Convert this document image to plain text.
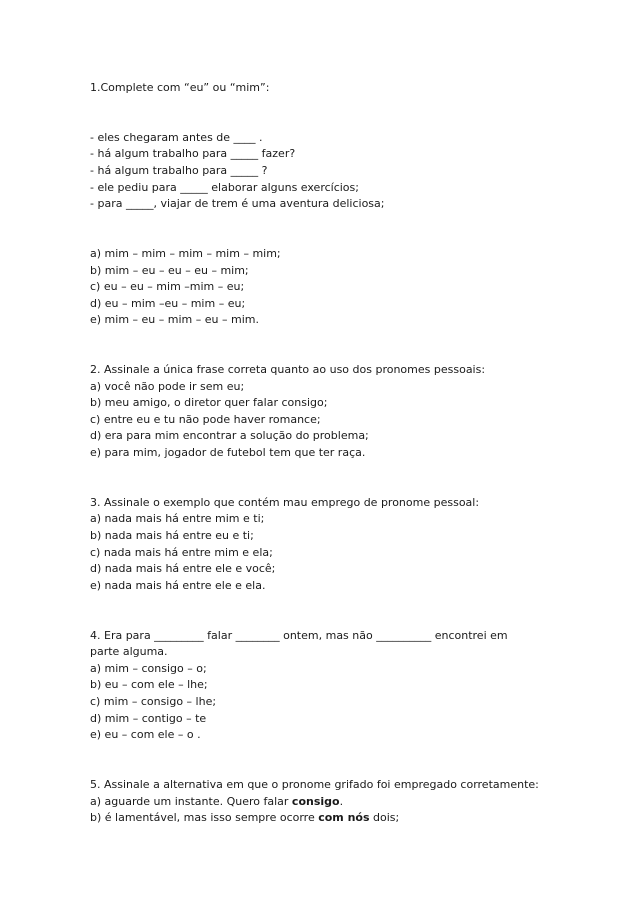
1.Complete com “eu” ou “mim”:

- eles chegaram antes de ____ .

- há algum trabalho para _____ fazer?

- há algum trabalho para _____ ?

- ele pediu para _____ elaborar alguns exercícios;

- para _____, viajar de trem é uma aventura deliciosa;

a) mim – mim – mim – mim – mim;

b) mim – eu – eu – eu – mim;

c) eu – eu – mim –mim – eu;

d) eu – mim –eu – mim – eu;

e) mim – eu – mim – eu – mim.

2. Assinale a única frase correta quanto ao uso dos pronomes pessoais:

a) você não pode ir sem eu;

b) meu amigo, o diretor quer falar consigo;

c) entre eu e tu não pode haver romance;

d) era para mim encontrar a solução do problema;

e) para mim, jogador de futebol tem que ter raça.

3. Assinale o exemplo que contém mau emprego de pronome pessoal:

a) nada mais há entre mim e ti;

b) nada mais há entre eu e ti;

c) nada mais há entre mim e ela;

d) nada mais há entre ele e você;

e) nada mais há entre ele e ela.

4. Era para _________ falar ________ ontem, mas não __________ encontrei em

parte alguma.

a) mim – consigo – o;

b) eu – com ele – lhe;

c) mim – consigo – lhe;

d) mim – contigo – te

e) eu – com ele – o .

5. Assinale a alternativa em que o pronome grifado foi empregado corretamente:

a) aguarde um instante. Quero falar consigo.

b) é lamentável, mas isso sempre ocorre com nós dois;
